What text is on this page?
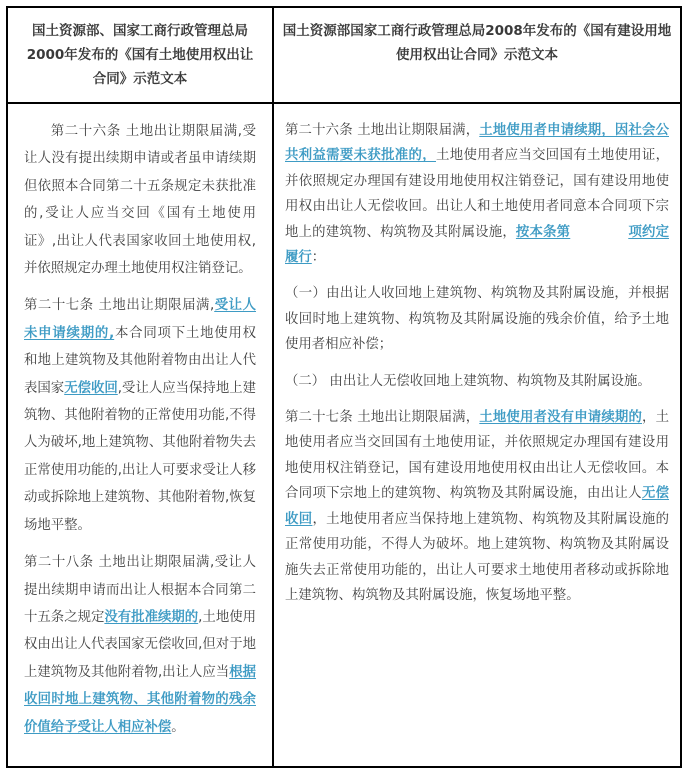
国土资源部、国家工商行政管理总局2000年发布的《国有土地使用权出让合同》示范文本
国土资源部国家工商行政管理总局2008年发布的《国有建设用地使用权出让合同》示范文本

第二十六条 土地出让期限届满,受让人没有提出续期申请或者虽申请续期但依照本合同第二十五条规定未获批准的,受让人应当交回《国有土地使用证》,出让人代表国家收回土地使用权,并依照规定办理土地使用权注销登记。

第二十七条 土地出让期限届满,受让人未申请续期的,本合同项下土地使用权和地上建筑物及其他附着物由出让人代表国家无偿收回,受让人应当保持地上建筑物、其他附着物的正常使用功能,不得人为破坏,地上建筑物、其他附着物失去正常使用功能的,出让人可要求受让人移动或拆除地上建筑物、其他附着物,恢复场地平整。

第二十八条 土地出让期限届满,受让人提出续期申请而出让人根据本合同第二十五条之规定没有批准续期的,土地使用权由出让人代表国家无偿收回,但对于地上建筑物及其他附着物,出让人应当根据收回时地上建筑物、其他附着物的残余价值给予受让人相应补偿。

第二十六条 土地出让期限届满，土地使用者申请续期，因社会公共利益需要未获批准的，土地使用者应当交回国有土地使用证，并依照规定办理国有建设用地使用权注销登记，国有建设用地使用权由出让人无偿收回。出让人和土地使用者同意本合同项下宗地上的建筑物、构筑物及其附属设施，按本条第	项约定履行：

（一）由出让人收回地上建筑物、构筑物及其附属设施，并根据收回时地上建筑物、构筑物及其附属设施的残余价值，给予土地使用者相应补偿；

（二） 由出让人无偿收回地上建筑物、构筑物及其附属设施。

第二十七条 土地出让期限届满，土地使用者没有申请续期的，土地使用者应当交回国有土地使用证，并依照规定办理国有建设用地使用权注销登记，国有建设用地使用权由出让人无偿收回。本合同项下宗地上的建筑物、构筑物及其附属设施，由出让人无偿收回，土地使用者应当保持地上建筑物、构筑物及其附属设施的正常使用功能，不得人为破坏。地上建筑物、构筑物及其附属设施失去正常使用功能的，出让人可要求土地使用者移动或拆除地上建筑物、构筑物及其附属设施，恢复场地平整。
